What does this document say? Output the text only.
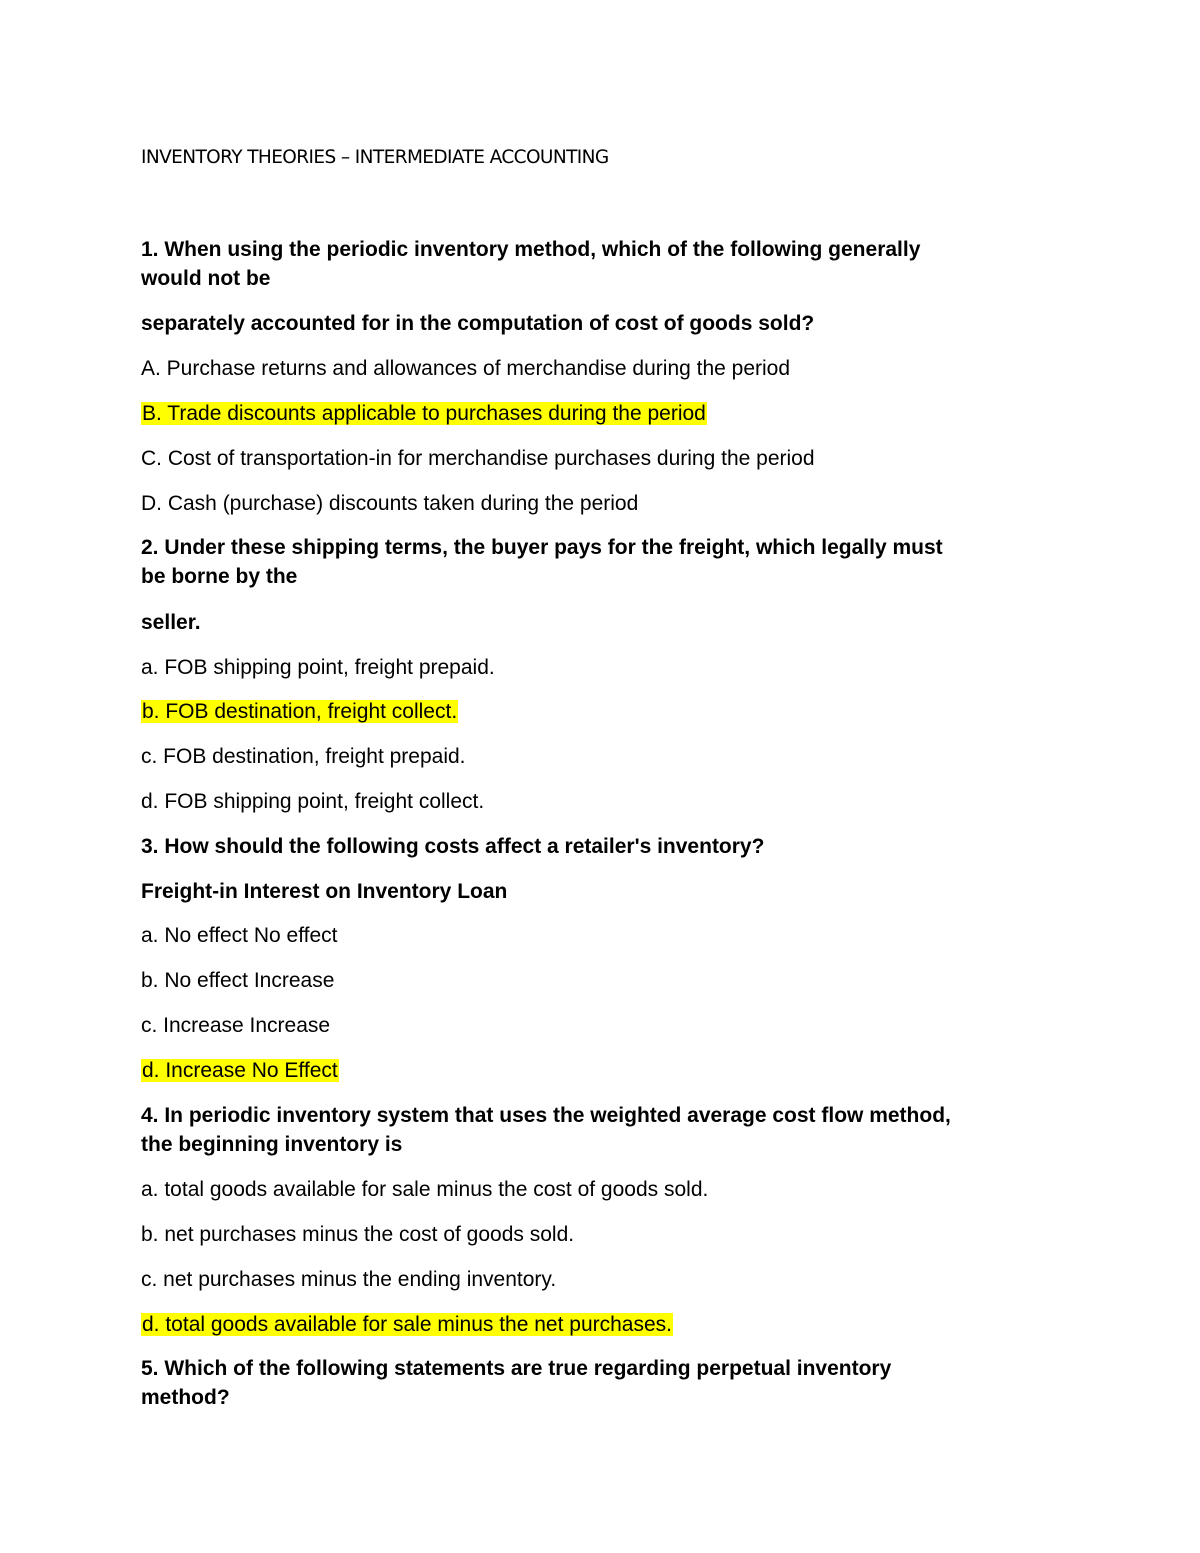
INVENTORY THEORIES – INTERMEDIATE ACCOUNTING
1. When using the periodic inventory method, which of the following generally
would not be
separately accounted for in the computation of cost of goods sold?
A. Purchase returns and allowances of merchandise during the period
B. Trade discounts applicable to purchases during the period
C. Cost of transportation-in for merchandise purchases during the period
D. Cash (purchase) discounts taken during the period
2. Under these shipping terms, the buyer pays for the freight, which legally must
be borne by the
seller.
a. FOB shipping point, freight prepaid.
b. FOB destination, freight collect.
c. FOB destination, freight prepaid.
d. FOB shipping point, freight collect.
3. How should the following costs affect a retailer's inventory?
Freight-in Interest on Inventory Loan
a. No effect No effect
b. No effect Increase
c. Increase Increase
d. Increase No Effect
4. In periodic inventory system that uses the weighted average cost flow method,
the beginning inventory is
a. total goods available for sale minus the cost of goods sold.
b. net purchases minus the cost of goods sold.
c. net purchases minus the ending inventory.
d. total goods available for sale minus the net purchases.
5. Which of the following statements are true regarding perpetual inventory
method?
